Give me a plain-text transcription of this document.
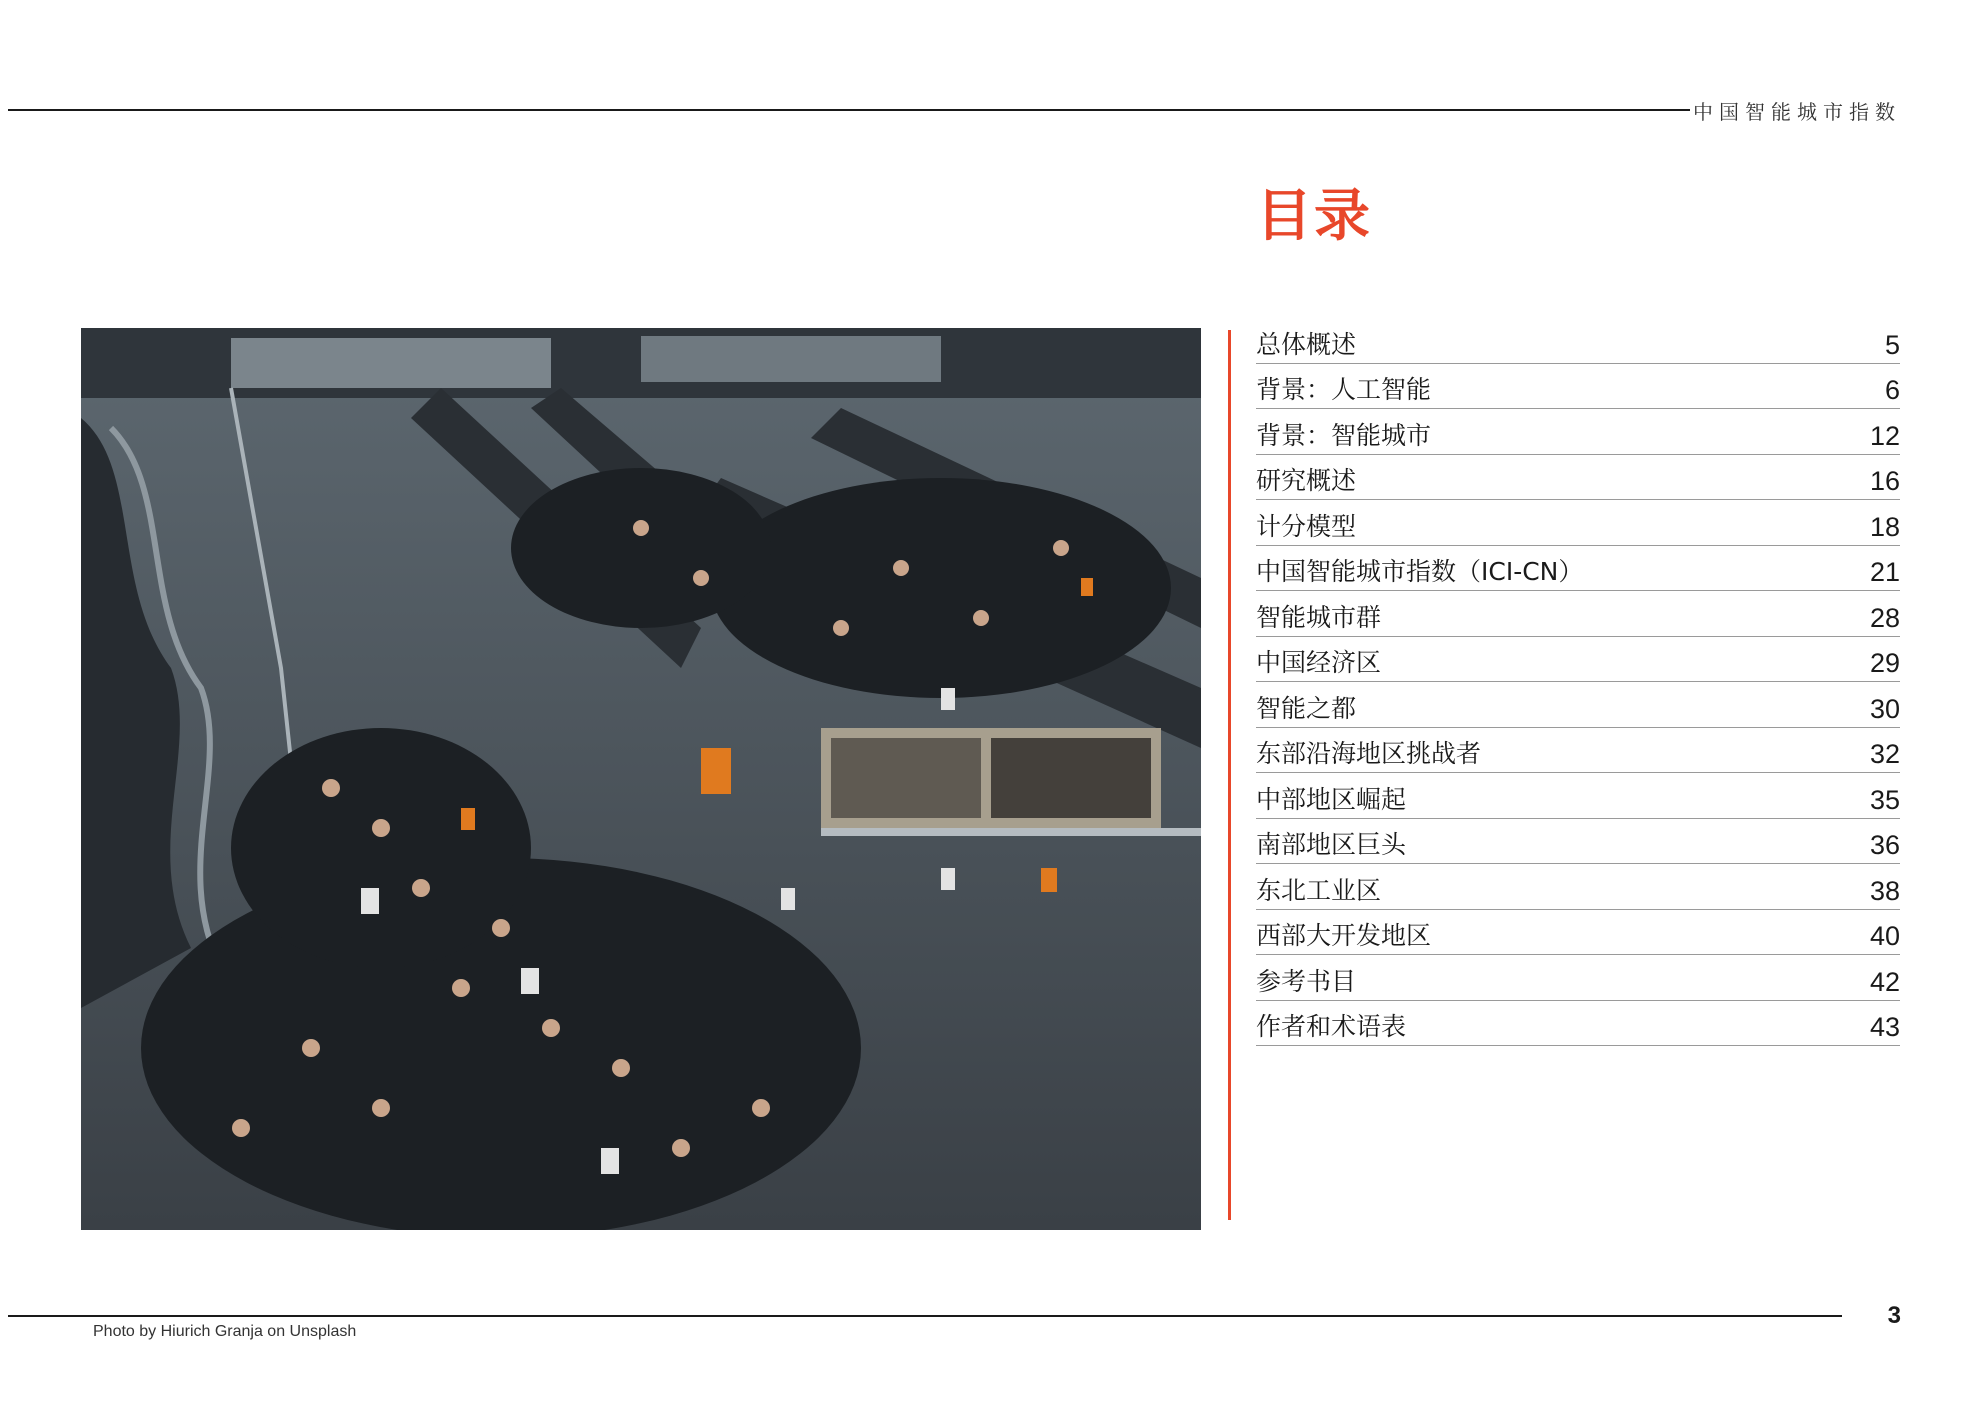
中国智能城市指数
目录
总体概述	5
背景：人工智能	6
背景：智能城市	12
研究概述	16
计分模型	18
中国智能城市指数（ICI-CN）	21
智能城市群	28
中国经济区	29
智能之都	30
东部沿海地区挑战者	32
中部地区崛起	35
南部地区巨头	36
东北工业区	38
西部大开发地区	40
参考书目	42
作者和术语表	43
3
Photo by Hiurich Granja on Unsplash
